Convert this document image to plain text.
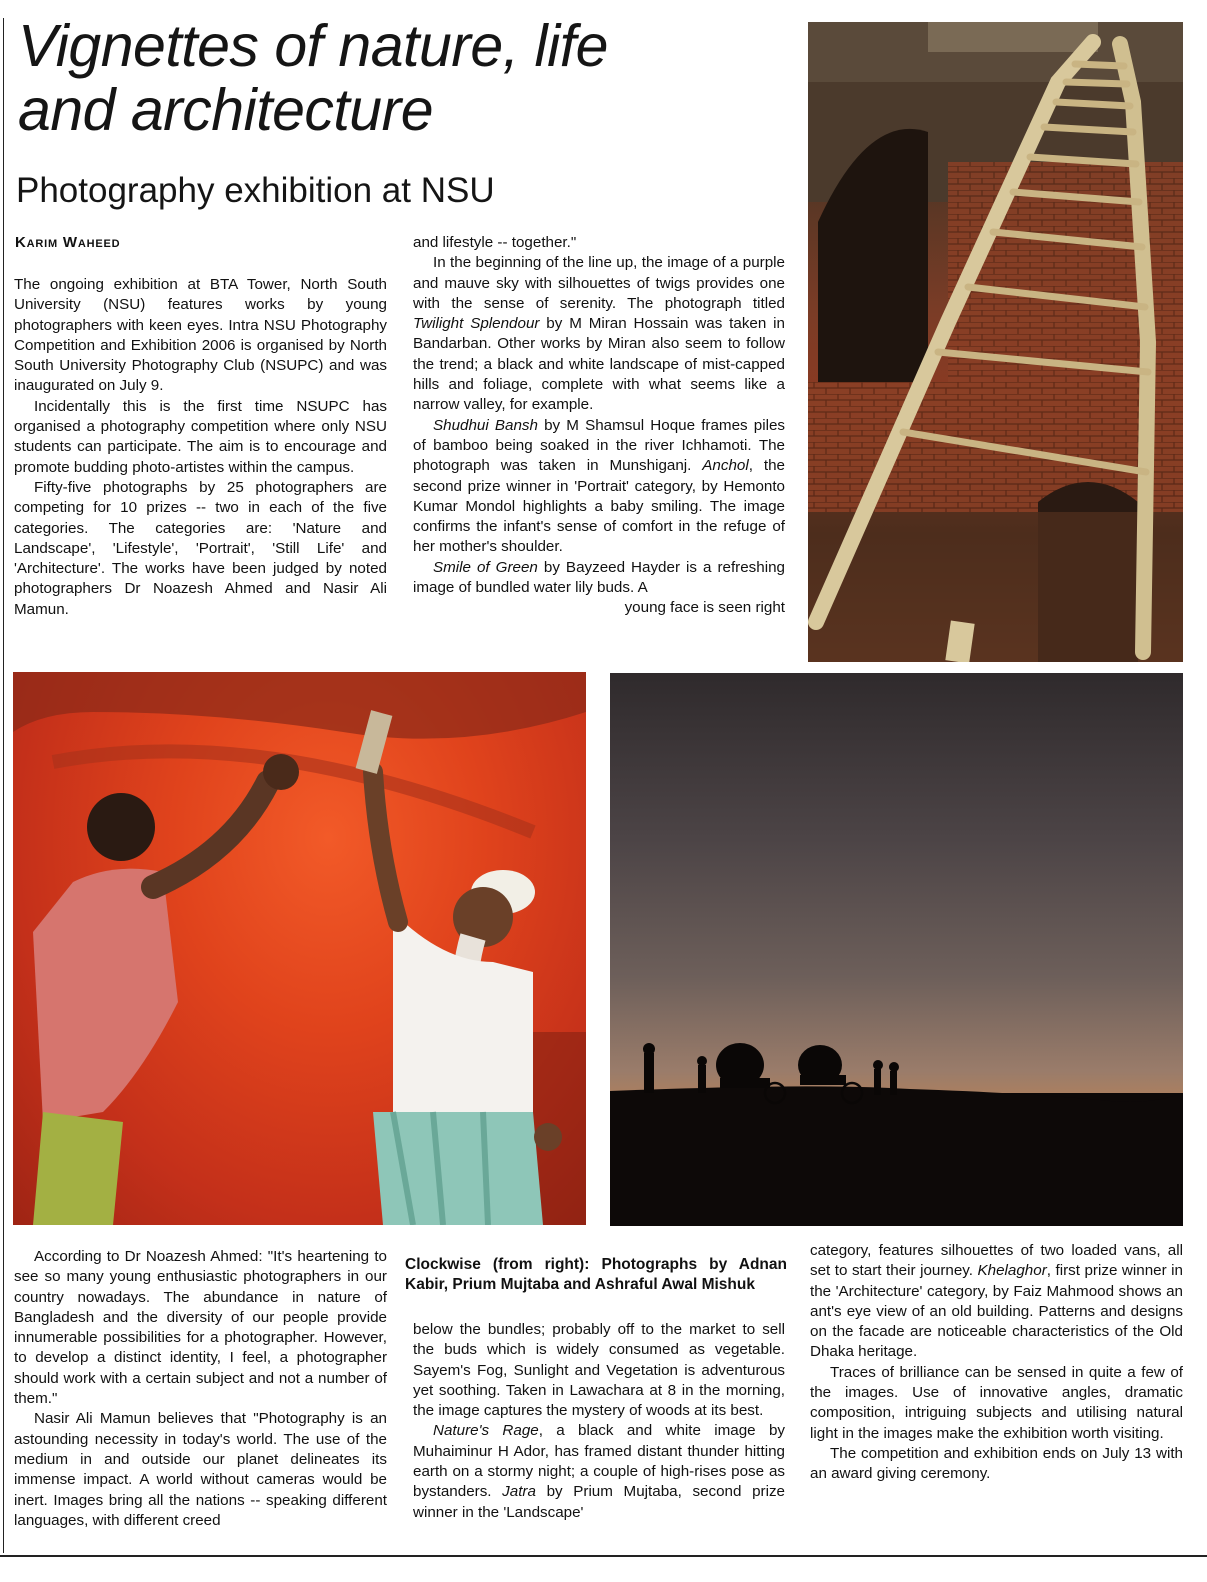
Vignettes of nature, life
and architecture
Photography exhibition at NSU
Karim Waheed

The ongoing exhibition at BTA Tower, North South University (NSU) features works by young photographers with keen eyes. Intra NSU Photography Competition and Exhibition 2006 is organised by North South University Photography Club (NSUPC) and was inaugurated on July 9.

Incidentally this is the first time NSUPC has organised a photography competition where only NSU students can participate. The aim is to encourage and promote budding photo-artistes within the campus.

Fifty-five photographs by 25 photographers are competing for 10 prizes -- two in each of the five categories. The categories are: 'Nature and Landscape', 'Lifestyle', 'Portrait', 'Still Life' and 'Architecture'. The works have been judged by noted photographers Dr Noazesh Ahmed and Nasir Ali Mamun.

and lifestyle -- together."

In the beginning of the line up, the image of a purple and mauve sky with silhouettes of twigs provides one with the sense of serenity. The photograph titled Twilight Splendour by M Miran Hossain was taken in Bandarban. Other works by Miran also seem to follow the trend; a black and white landscape of mist-capped hills and foliage, complete with what seems like a narrow valley, for example.

Shudhui Bansh by M Shamsul Hoque frames piles of bamboo being soaked in the river Ichhamoti. The photograph was taken in Munshiganj. Anchol, the second prize winner in 'Portrait' category, by Hemonto Kumar Mondol highlights a baby smiling. The image confirms the infant's sense of comfort in the refuge of her mother's shoulder.

Smile of Green by Bayzeed Hayder is a refreshing image of bundled water lily buds. A

young face is seen right

According to Dr Noazesh Ahmed: "It's heartening to see so many young enthusiastic photographers in our country nowadays. The abundance in nature of Bangladesh and the diversity of our people provide innumerable possibilities for a photographer. However, to develop a distinct identity, I feel, a photographer should work with a certain subject and not a number of them."

Nasir Ali Mamun believes that "Photography is an astounding necessity in today's world. The use of the medium in and outside our planet delineates its immense impact. A world without cameras would be inert. Images bring all the nations -- speaking different languages, with different creed

Clockwise (from right): Photographs by Adnan Kabir, Prium Mujtaba and Ashraful Awal Mishuk

below the bundles; probably off to the market to sell the buds which is widely consumed as vegetable. Sayem's Fog, Sunlight and Vegetation is adventurous yet soothing. Taken in Lawachara at 8 in the morning, the image captures the mystery of woods at its best.

Nature's Rage, a black and white image by Muhaiminur H Ador, has framed distant thunder hitting earth on a stormy night; a couple of high-rises pose as bystanders. Jatra by Prium Mujtaba, second prize winner in the 'Landscape'

category, features silhouettes of two loaded vans, all set to start their journey. Khelaghor, first prize winner in the 'Architecture' category, by Faiz Mahmood shows an ant's eye view of an old building. Patterns and designs on the facade are noticeable characteristics of the Old Dhaka heritage.

Traces of brilliance can be sensed in quite a few of the images. Use of innovative angles, dramatic composition, intriguing subjects and utilising natural light in the images make the exhibition worth visiting.

The competition and exhibition ends on July 13 with an award giving ceremony.
